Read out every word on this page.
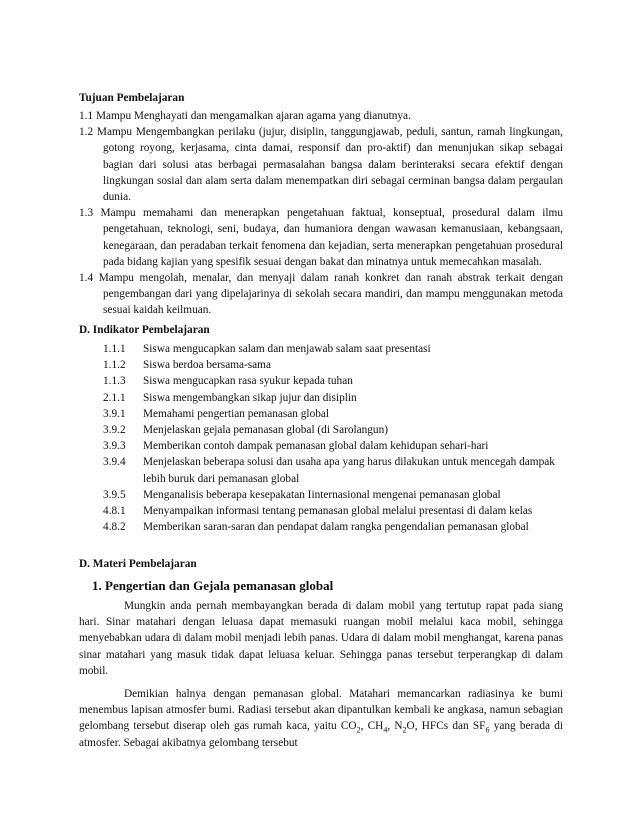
Tujuan Pembelajaran

1.1 Mampu Menghayati dan mengamalkan ajaran agama yang dianutnya.

1.2 Mampu Mengembangkan perilaku (jujur, disiplin, tanggungjawab, peduli, santun, ramah lingkungan, gotong royong, kerjasama, cinta damai, responsif dan pro-aktif) dan menunjukan sikap sebagai bagian dari solusi atas berbagai permasalahan bangsa dalam berinteraksi secara efektif dengan lingkungan sosial dan alam serta dalam menempatkan diri sebagai cerminan bangsa dalam pergaulan dunia.

1.3 Mampu memahami dan menerapkan pengetahuan faktual, konseptual, prosedural dalam ilmu pengetahuan, teknologi, seni, budaya, dan humaniora dengan wawasan kemanusiaan, kebangsaan, kenegaraan, dan peradaban terkait fenomena dan kejadian, serta menerapkan pengetahuan prosedural pada bidang kajian yang spesifik sesuai dengan bakat dan minatnya untuk memecahkan masalah.

1.4 Mampu mengolah, menalar, dan menyaji dalam ranah konkret dan ranah abstrak terkait dengan pengembangan dari yang dipelajarinya di sekolah secara mandiri, dan mampu menggunakan metoda sesuai kaidah keilmuan.

D. Indikator Pembelajaran
1.1.1	Siswa mengucapkan salam dan menjawab salam saat presentasi
1.1.2	Siswa berdoa bersama-sama
1.1.3	Siswa mengucapkan rasa syukur kepada tuhan
2.1.1	Siswa mengembangkan sikap jujur dan disiplin
3.9.1	Memahami pengertian pemanasan global
3.9.2	Menjelaskan gejala pemanasan global (di Sarolangun)
3.9.3	Memberikan contoh dampak pemanasan global dalam kehidupan sehari-hari
3.9.4	Menjelaskan beberapa solusi dan usaha apa yang harus dilakukan untuk mencegah dampak lebih buruk dari pemanasan global
3.9.5	Menganalisis beberapa kesepakatan Iinternasional mengenai pemanasan global
4.8.1	Menyampaikan informasi tentang pemanasan global melalui presentasi di dalam kelas
4.8.2	Memberikan saran-saran dan pendapat dalam rangka pengendalian pemanasan global
D. Materi Pembelajaran
1. Pengertian dan Gejala pemanasan global

Mungkin anda pernah membayangkan berada di dalam mobil yang tertutup rapat pada siang hari. Sinar matahari dengan leluasa dapat memasuki ruangan mobil melalui kaca mobil, sehingga menyebabkan udara di dalam mobil menjadi lebih panas. Udara di dalam mobil menghangat, karena panas sinar matahari yang masuk tidak dapat leluasa keluar. Sehingga panas tersebut terperangkap di dalam mobil.

Demikian halnya dengan pemanasan global. Matahari memancarkan radiasinya ke bumi menembus lapisan atmosfer bumi. Radiasi tersebut akan dipantulkan kembali ke angkasa, namun sebagian gelombang tersebut diserap oleh gas rumah kaca, yaitu $CO_2$, $CH_4$, $N_2O$, HFCs dan $SF_6$ yang berada di atmosfer. Sebagai akibatnya gelombang tersebut
